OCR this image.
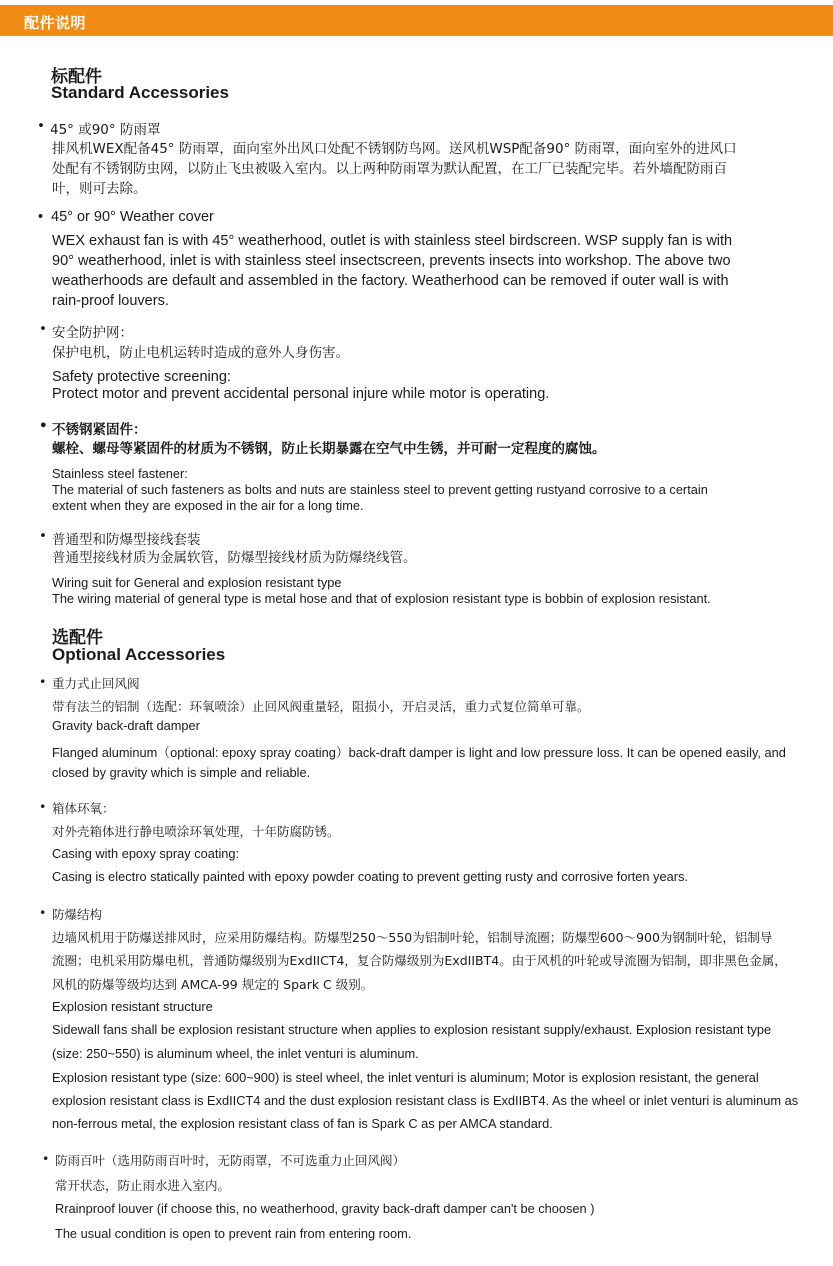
配件说明
标配件
Standard Accessories
• 45° 或90° 防雨罩
排风机WEX配备45° 防雨罩，面向室外出风口处配不锈钢防鸟网。送风机WSP配备90° 防雨罩，面向室外的进风口
处配有不锈钢防虫网，以防止飞虫被吸入室内。以上两种防雨罩为默认配置，在工厂已装配完毕。若外墙配防雨百
叶，则可去除。
• 45° or 90° Weather cover
WEX exhaust fan is with 45° weatherhood, outlet is with stainless steel birdscreen. WSP supply fan is with
90° weatherhood, inlet is with stainless steel insectscreen, prevents insects into workshop. The above two
weatherhoods are default and assembled in the factory. Weatherhood can be removed if outer wall is with
rain-proof louvers.
• 安全防护网：
保护电机，防止电机运转时造成的意外人身伤害。
Safety protective screening:
Protect motor and prevent accidental personal injure while motor is operating.
• 不锈钢紧固件：
螺栓、螺母等紧固件的材质为不锈钢，防止长期暴露在空气中生锈，并可耐一定程度的腐蚀。
Stainless steel fastener:
The material of such fasteners as bolts and nuts are stainless steel to prevent getting rustyand corrosive to a certain
extent when they are exposed in the air for a long time.
• 普通型和防爆型接线套装
普通型接线材质为金属软管，防爆型接线材质为防爆绕线管。
Wiring suit for General and explosion resistant type
The wiring material of general type is metal hose and that of explosion resistant type is bobbin of explosion resistant.
选配件
Optional Accessories
• 重力式止回风阀
带有法兰的铝制（选配：环氧喷涂）止回风阀重量轻，阻损小，开启灵活，重力式复位简单可靠。
Gravity back-draft damper
Flanged aluminum（optional: epoxy spray coating）back-draft damper is light and low pressure loss. It can be opened easily, and
closed by gravity which is simple and reliable.
• 箱体环氧：
对外壳箱体进行静电喷涂环氧处理，十年防腐防锈。
Casing with epoxy spray coating:
Casing is electro statically painted with epoxy powder coating to prevent getting rusty and corrosive forten years.
• 防爆结构
边墙风机用于防爆送排风时，应采用防爆结构。防爆型250～550为铝制叶轮，铝制导流圈；防爆型600～900为钢制叶轮，铝制导
流圈；电机采用防爆电机，普通防爆级别为ExdIICT4，复合防爆级别为ExdIIBT4。由于风机的叶轮或导流圈为铝制，即非黑色金属，
风机的防爆等级均达到 AMCA-99 规定的 Spark C 级别。
Explosion resistant structure
Sidewall fans shall be explosion resistant structure when applies to explosion resistant supply/exhaust. Explosion resistant type
(size: 250~550) is aluminum wheel, the inlet venturi is aluminum.
Explosion resistant type (size: 600~900) is steel wheel, the inlet venturi is aluminum; Motor is explosion resistant, the general
explosion resistant class is ExdIICT4 and the dust explosion resistant class is ExdIIBT4. As the wheel or inlet venturi is aluminum as
non-ferrous metal, the explosion resistant class of fan is Spark C as per AMCA standard.
• 防雨百叶（选用防雨百叶时，无防雨罩，不可选重力止回风阀）
常开状态，防止雨水进入室内。
Rrainproof louver (if choose this, no weatherhood, gravity back-draft damper can't be choosen )
The usual condition is open to prevent rain from entering room.
